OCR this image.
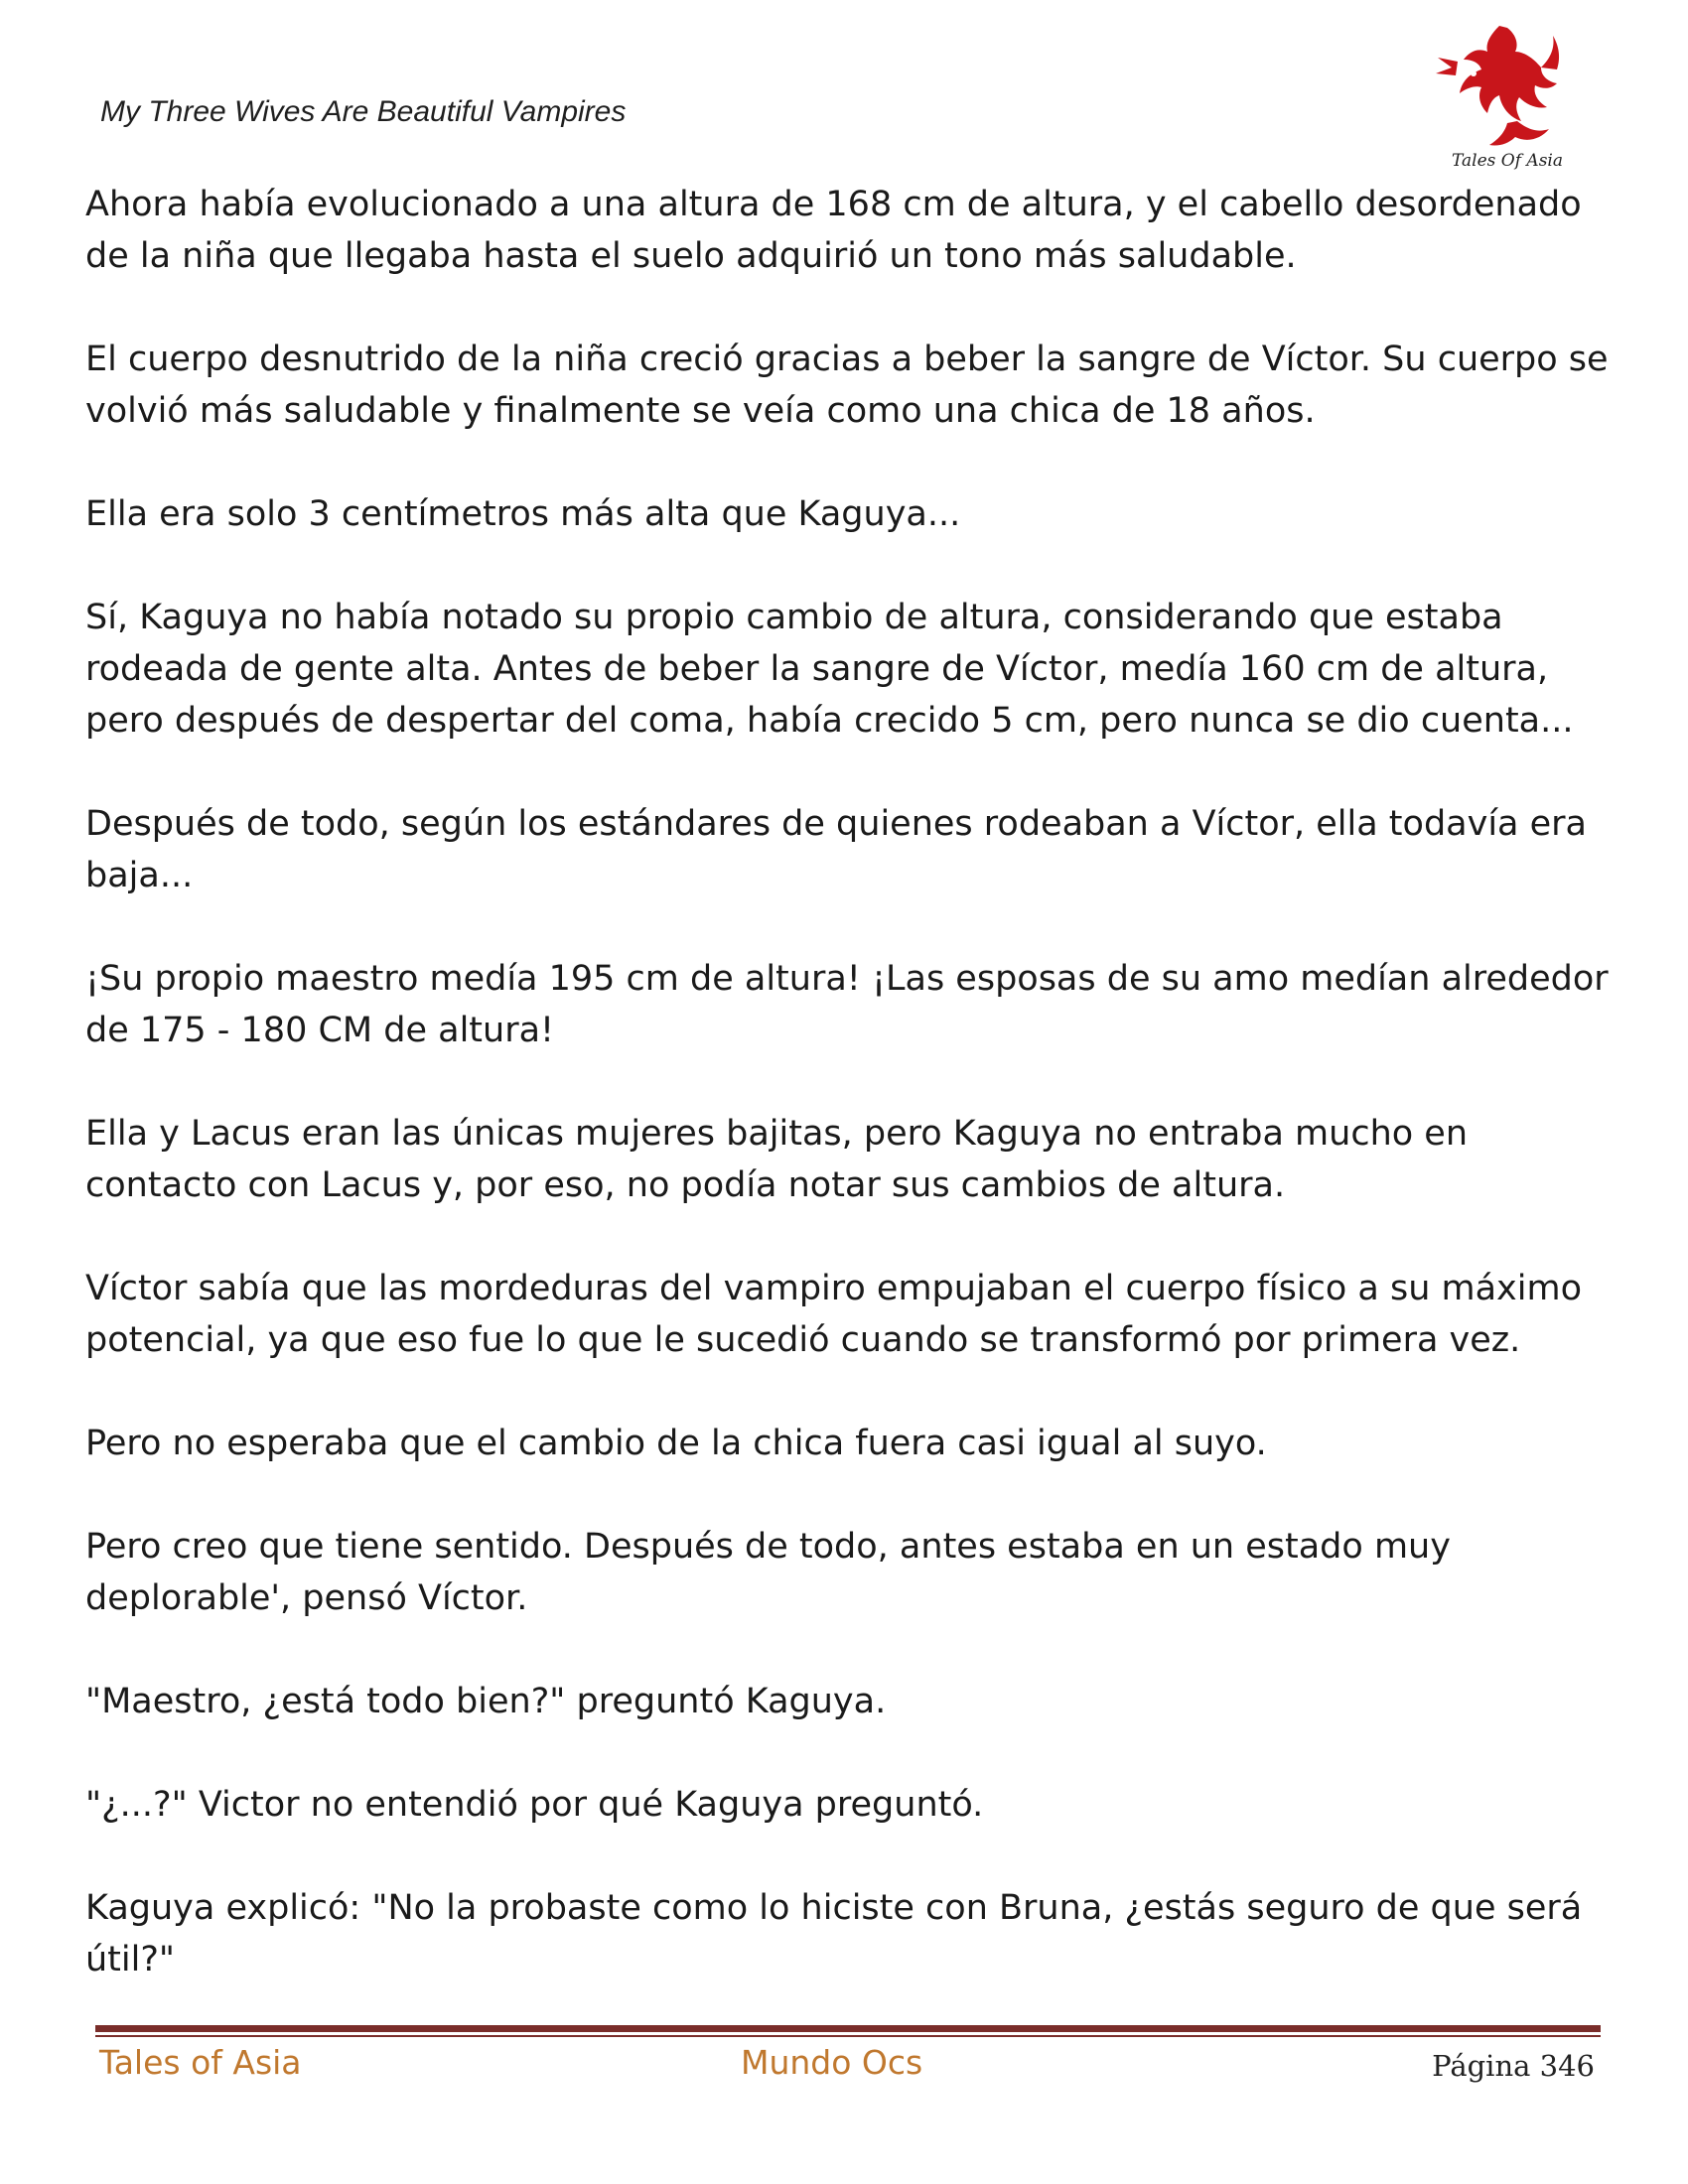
My Three Wives Are Beautiful Vampires
Tales Of Asia

Ahora había evolucionado a una altura de 168 cm de altura, y el cabello desordenado de la niña que llegaba hasta el suelo adquirió un tono más saludable.

El cuerpo desnutrido de la niña creció gracias a beber la sangre de Víctor. Su cuerpo se volvió más saludable y finalmente se veía como una chica de 18 años.

Ella era solo 3 centímetros más alta que Kaguya...

Sí, Kaguya no había notado su propio cambio de altura, considerando que estaba rodeada de gente alta. Antes de beber la sangre de Víctor, medía 160 cm de altura, pero después de despertar del coma, había crecido 5 cm, pero nunca se dio cuenta...

Después de todo, según los estándares de quienes rodeaban a Víctor, ella todavía era baja...

¡Su propio maestro medía 195 cm de altura! ¡Las esposas de su amo medían alrededor de 175 - 180 CM de altura!

Ella y Lacus eran las únicas mujeres bajitas, pero Kaguya no entraba mucho en contacto con Lacus y, por eso, no podía notar sus cambios de altura.

Víctor sabía que las mordeduras del vampiro empujaban el cuerpo físico a su máximo potencial, ya que eso fue lo que le sucedió cuando se transformó por primera vez.

Pero no esperaba que el cambio de la chica fuera casi igual al suyo.

Pero creo que tiene sentido. Después de todo, antes estaba en un estado muy deplorable', pensó Víctor.

"Maestro, ¿está todo bien?" preguntó Kaguya.

"¿...?" Victor no entendió por qué Kaguya preguntó.

Kaguya explicó: "No la probaste como lo hiciste con Bruna, ¿estás seguro de que será útil?"

Tales of Asia	Mundo Ocs	Página 346
